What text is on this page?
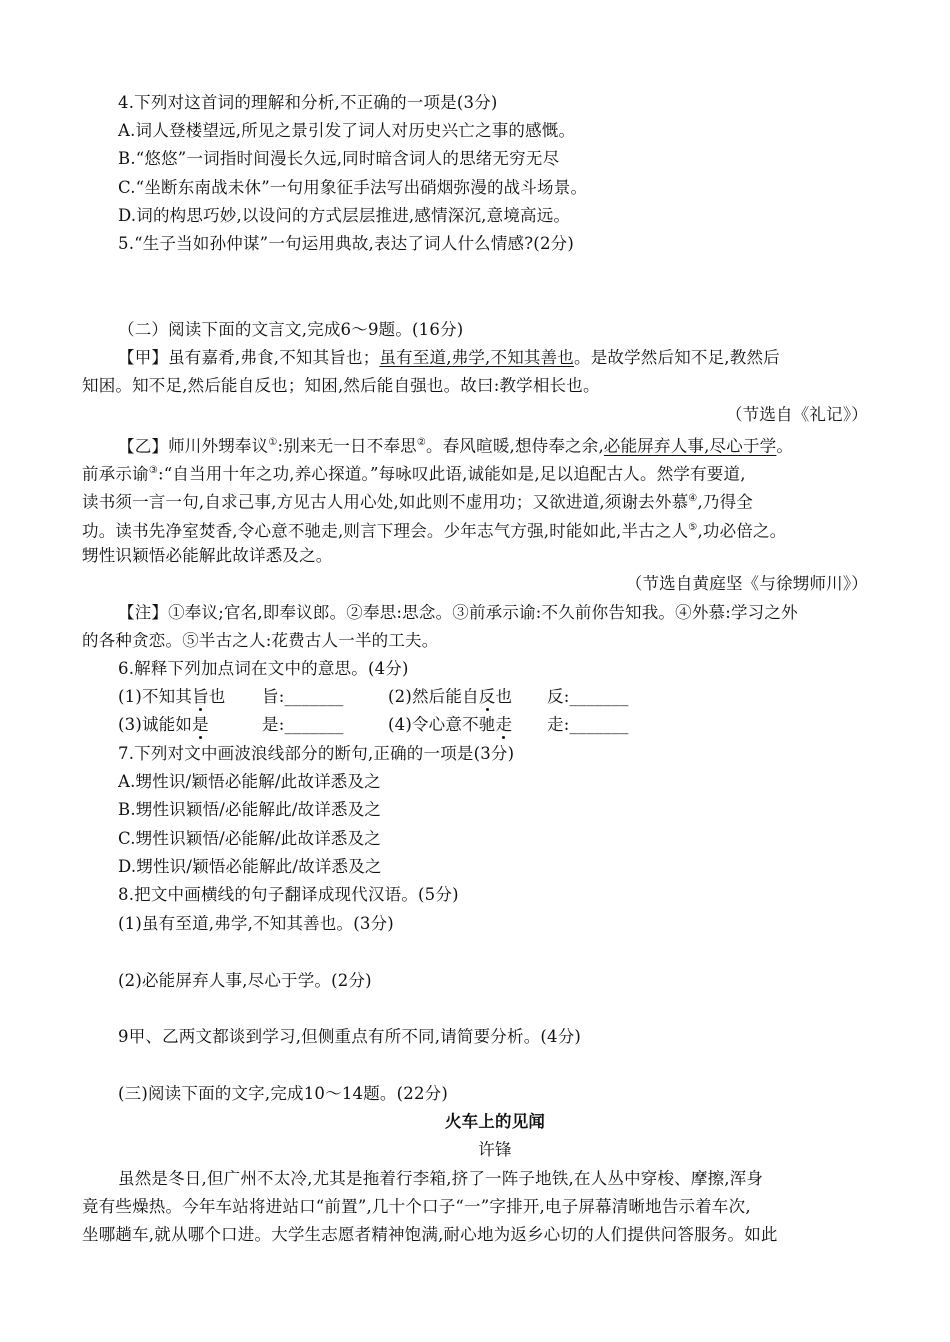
4.下列对这首词的理解和分析,不正确的一项是(3分)
A.词人登楼望远,所见之景引发了词人对历史兴亡之事的感慨。
B.“悠悠”一词指时间漫长久远,同时暗含词人的思绪无穷无尽
C.“坐断东南战未休”一句用象征手法写出硝烟弥漫的战斗场景。
D.词的构思巧妙,以设问的方式层层推进,感情深沉,意境高远。
5.“生子当如孙仲谋”一句运用典故,表达了词人什么情感?(2分)
（二）阅读下面的文言文,完成6～9题。(16分)
【甲】虽有嘉肴,弗食,不知其旨也；虽有至道,弗学,不知其善也。是故学然后知不足,教然后
知困。知不足,然后能自反也；知困,然后能自强也。故曰:教学相长也。
（节选自《礼记》）
【乙】师川外甥奉议①:别来无一日不奉思②。春风暄暖,想侍奉之余,必能屏弃人事,尽心于学。
前承示谕③:“自当用十年之功,养心探道。”每咏叹此语,诚能如是,足以追配古人。然学有要道,
读书须一言一句,自求己事,方见古人用心处,如此则不虚用功；又欲进道,须谢去外慕④,乃得全
功。读书先净室焚香,令心意不驰走,则言下理会。少年志气方强,时能如此,半古之人⑤,功必倍之。
甥性识颖悟必能解此故详悉及之。
（节选自黄庭坚《与徐甥师川》）
【注】①奉议;官名,即奉议郎。②奉思:思念。③前承示谕:不久前你告知我。④外慕:学习之外
的各种贪恋。⑤半古之人:花费古人一半的工夫。
6.解释下列加点词在文中的意思。(4分)
(1)不知其旨也 旨:_______	(2)然后能自反也 反:_______
(3)诚能如是	是:_______	(4)令心意不驰走 走:_______
7.下列对文中画波浪线部分的断句,正确的一项是(3分)
A.甥性识/颖悟必能解/此故详悉及之
B.甥性识颖悟/必能解此/故详悉及之
C.甥性识颖悟/必能解/此故详悉及之
D.甥性识/颖悟必能解此/故详悉及之
8.把文中画横线的句子翻译成现代汉语。(5分)
(1)虽有至道,弗学,不知其善也。(3分)
(2)必能屏弃人事,尽心于学。(2分)
9甲、乙两文都谈到学习,但侧重点有所不同,请简要分析。(4分)
(三)阅读下面的文字,完成10～14题。(22分)
火车上的见闻
许锋
虽然是冬日,但广州不太冷,尤其是拖着行李箱,挤了一阵子地铁,在人丛中穿梭、摩擦,浑身
竟有些燥热。今年车站将进站口“前置”,几十个口子“一”字排开,电子屏幕清晰地告示着车次,
坐哪趟车,就从哪个口进。大学生志愿者精神饱满,耐心地为返乡心切的人们提供问答服务。如此
